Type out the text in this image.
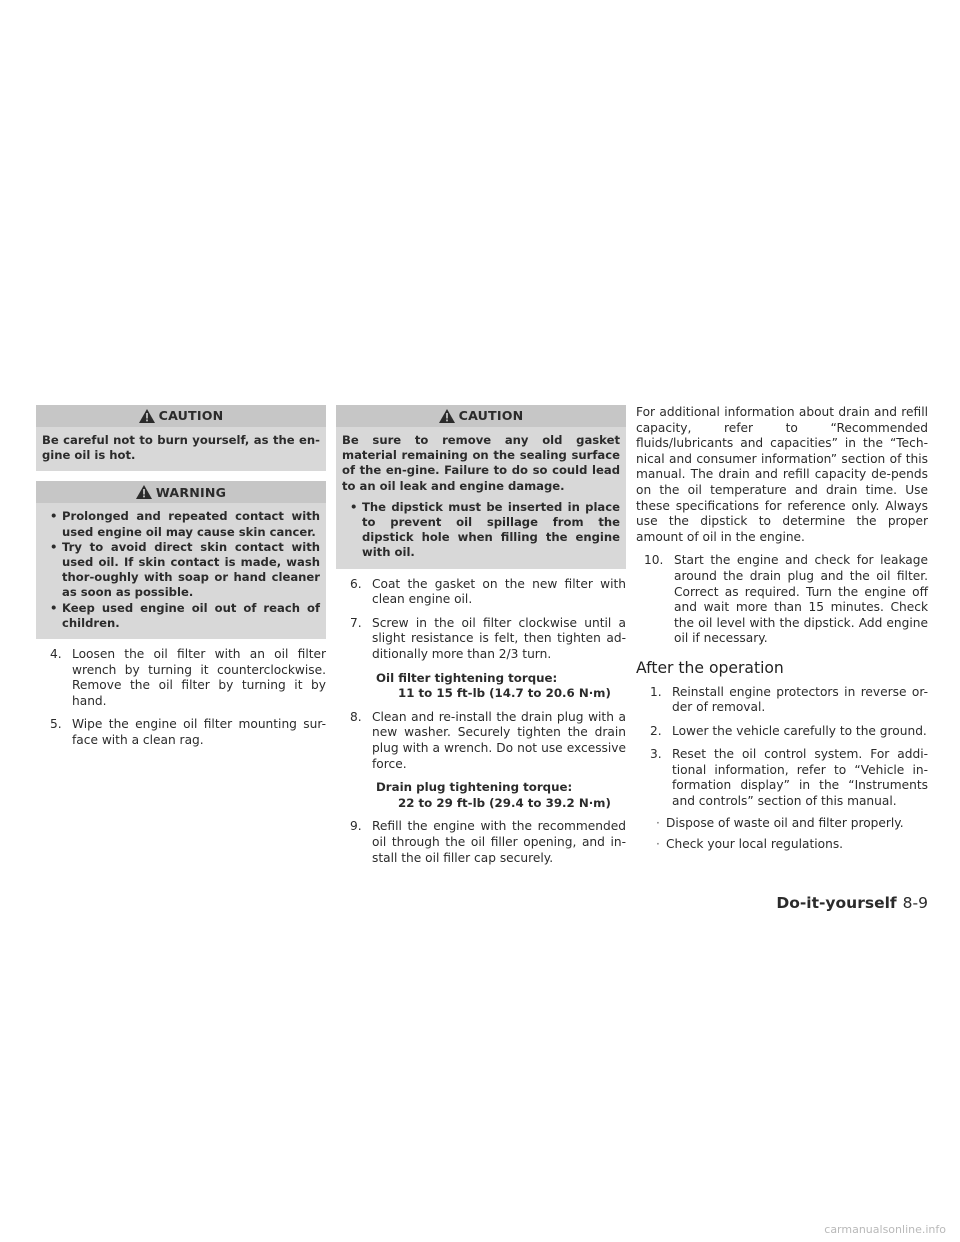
CAUTION

Be careful not to burn yourself, as the en-gine oil is hot.

WARNING

• Prolonged and repeated contact with used engine oil may cause skin cancer.

• Try to avoid direct skin contact with used oil. If skin contact is made, wash thor-oughly with soap or hand cleaner as soon as possible.

• Keep used engine oil out of reach of children.

4. Loosen the oil filter with an oil filter wrench by turning it counterclockwise. Remove the oil filter by turning it by hand.

5. Wipe the engine oil filter mounting sur-face with a clean rag.

CAUTION

Be sure to remove any old gasket material remaining on the sealing surface of the en-gine. Failure to do so could lead to an oil leak and engine damage.

• The dipstick must be inserted in place to prevent oil spillage from the dipstick hole when filling the engine with oil.

6. Coat the gasket on the new filter with clean engine oil.

7. Screw in the oil filter clockwise until a slight resistance is felt, then tighten ad-ditionally more than 2/3 turn.

Oil filter tightening torque:
11 to 15 ft-lb (14.7 to 20.6 N·m)

8. Clean and re-install the drain plug with a new washer. Securely tighten the drain plug with a wrench. Do not use excessive force.

Drain plug tightening torque:
22 to 29 ft-lb (29.4 to 39.2 N·m)

9. Refill the engine with the recommended oil through the oil filler opening, and in-stall the oil filler cap securely.

For additional information about drain and refill capacity, refer to “Recommended fluids/lubricants and capacities” in the “Tech-nical and consumer information” section of this manual. The drain and refill capacity de-pends on the oil temperature and drain time. Use these specifications for reference only. Always use the dipstick to determine the proper amount of oil in the engine.

10. Start the engine and check for leakage around the drain plug and the oil filter. Correct as required. Turn the engine off and wait more than 15 minutes. Check the oil level with the dipstick. Add engine oil if necessary.

After the operation

1. Reinstall engine protectors in reverse or-der of removal.

2. Lower the vehicle carefully to the ground.

3. Reset the oil control system. For addi-tional information, refer to “Vehicle in-formation display” in the “Instruments and controls” section of this manual.

· Dispose of waste oil and filter properly.

· Check your local regulations.

Do-it-yourself 8-9
carmanualsonline.info
